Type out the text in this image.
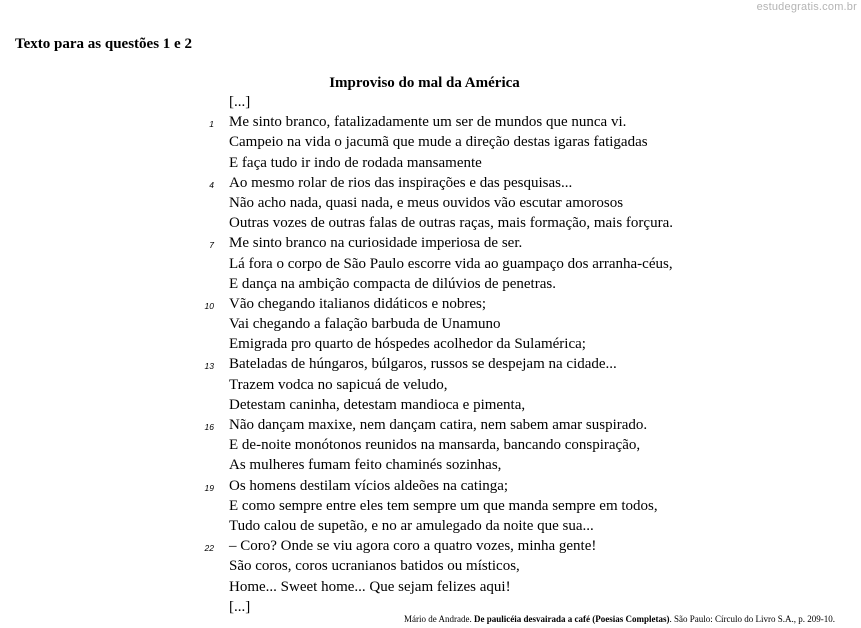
estudegratis.com.br
Texto para as questões 1 e 2
Improviso do mal da América
[...]
1 Me sinto branco, fatalizadamente um ser de mundos que nunca vi.
Campeio na vida o jacumã que mude a direção destas igaras fatigadas
E faça tudo ir indo de rodada mansamente
4 Ao mesmo rolar de rios das inspirações e das pesquisas...
Não acho nada, quasi nada, e meus ouvidos vão escutar amorosos
Outras vozes de outras falas de outras raças, mais formação, mais forçura.
7 Me sinto branco na curiosidade imperiosa de ser.
Lá fora o corpo de São Paulo escorre vida ao guampaço dos arranha-céus,
E dança na ambição compacta de dilúvios de penetras.
10 Vão chegando italianos didáticos e nobres;
Vai chegando a falação barbuda de Unamuno
Emigrada pro quarto de hóspedes acolhedor da Sulamérica;
13 Bateladas de húngaros, búlgaros, russos se despejam na cidade...
Trazem vodca no sapicuá de veludo,
Detestam caninha, detestam mandioca e pimenta,
16 Não dançam maxixe, nem dançam catira, nem sabem amar suspirado.
E de-noite monótonos reunidos na mansarda, bancando conspiração,
As mulheres fumam feito chaminés sozinhas,
19 Os homens destilam vícios aldeões na catinga;
E como sempre entre eles tem sempre um que manda sempre em todos,
Tudo calou de supetão, e no ar amulegado da noite que sua...
22 – Coro? Onde se viu agora coro a quatro vozes, minha gente!
São coros, coros ucranianos batidos ou místicos,
Home... Sweet home... Que sejam felizes aqui!
[...]
Mário de Andrade. De paulicéia desvairada a café (Poesias Completas). São Paulo: Círculo do Livro S.A., p. 209-10.
